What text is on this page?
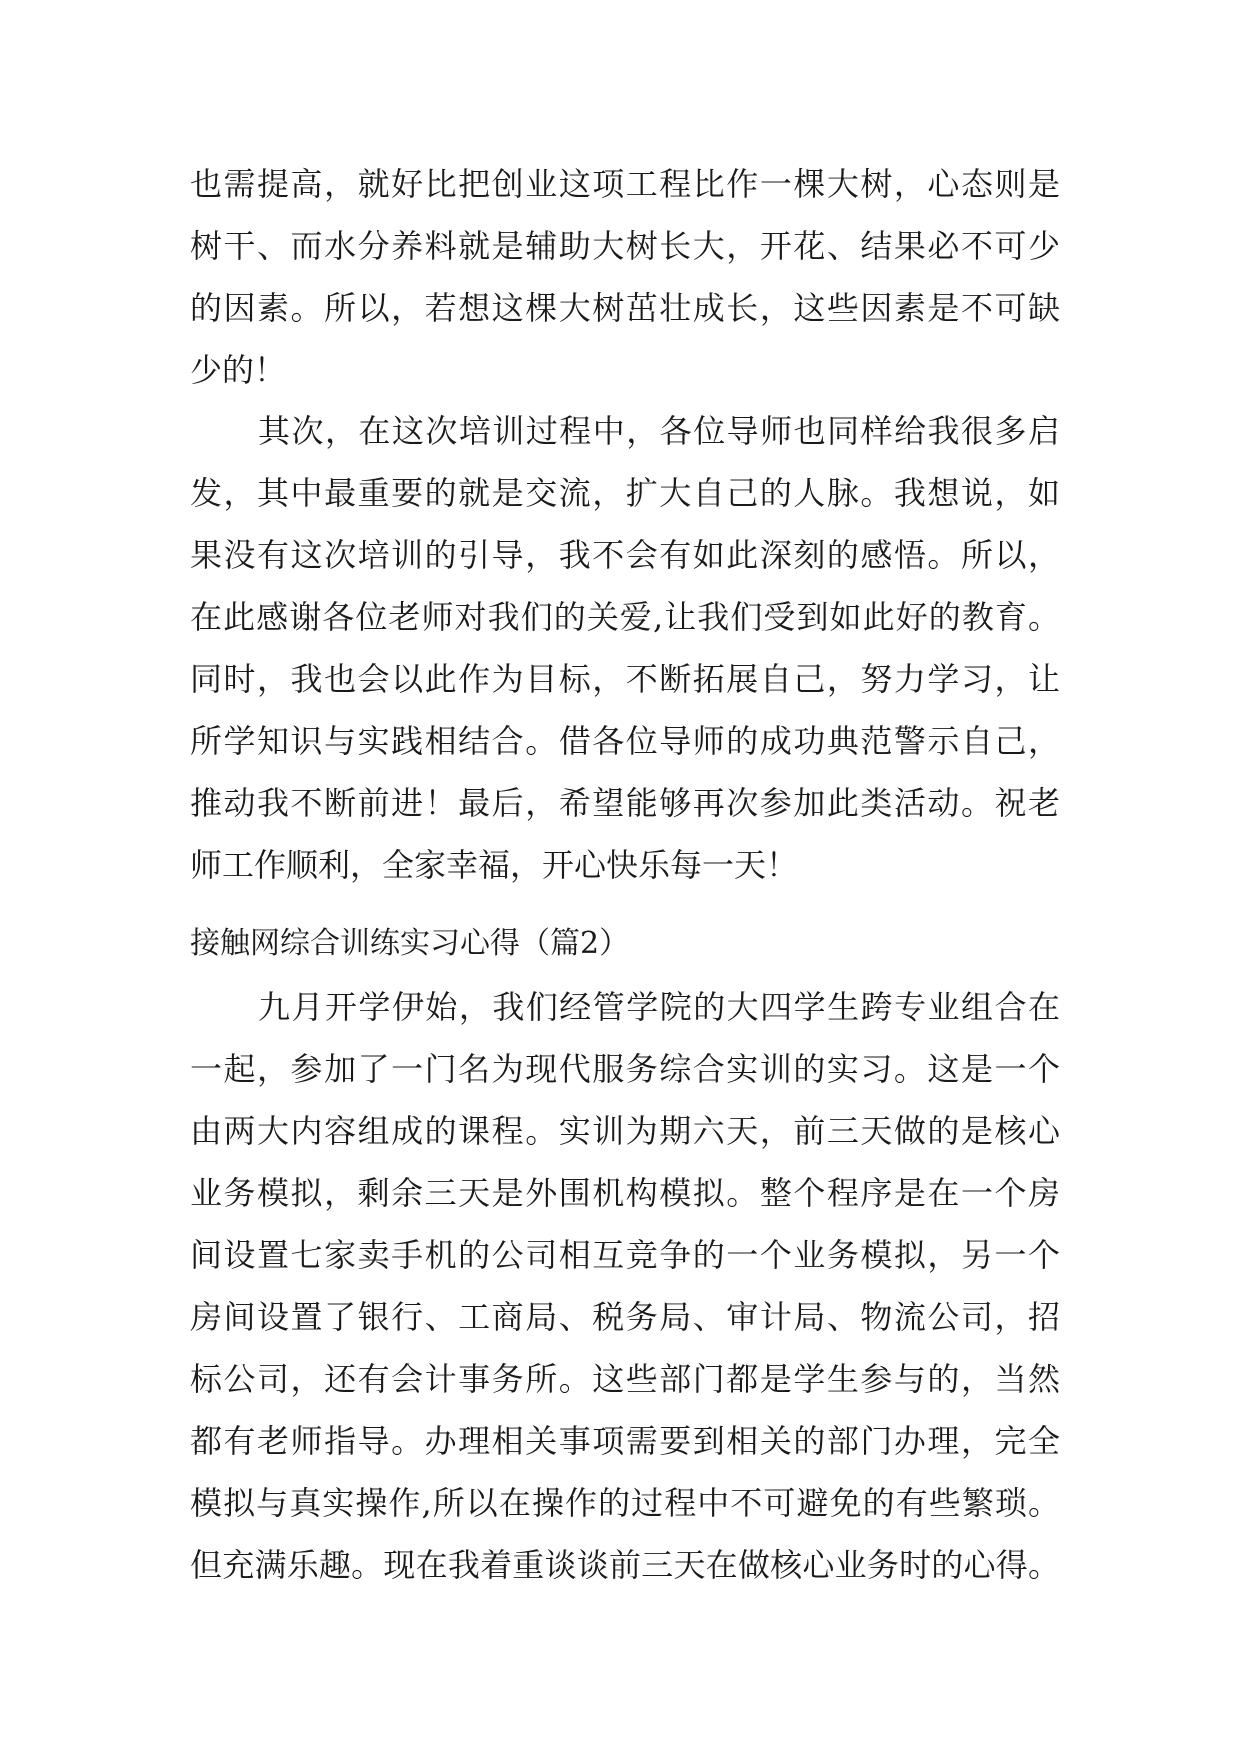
也需提高，就好比把创业这项工程比作一棵大树，心态则是
树干、而水分养料就是辅助大树长大，开花、结果必不可少
的因素。所以，若想这棵大树茁壮成长，这些因素是不可缺
少的！
其次，在这次培训过程中，各位导师也同样给我很多启
发，其中最重要的就是交流，扩大自己的人脉。我想说，如
果没有这次培训的引导，我不会有如此深刻的感悟。所以，
在此感谢各位老师对我们的关爱,让我们受到如此好的教育。
同时，我也会以此作为目标，不断拓展自己，努力学习，让
所学知识与实践相结合。借各位导师的成功典范警示自己，
推动我不断前进！最后，希望能够再次参加此类活动。祝老
师工作顺利，全家幸福，开心快乐每一天！
接触网综合训练实习心得（篇2）
九月开学伊始，我们经管学院的大四学生跨专业组合在
一起，参加了一门名为现代服务综合实训的实习。这是一个
由两大内容组成的课程。实训为期六天，前三天做的是核心
业务模拟，剩余三天是外围机构模拟。整个程序是在一个房
间设置七家卖手机的公司相互竞争的一个业务模拟，另一个
房间设置了银行、工商局、税务局、审计局、物流公司，招
标公司，还有会计事务所。这些部门都是学生参与的，当然
都有老师指导。办理相关事项需要到相关的部门办理，完全
模拟与真实操作,所以在操作的过程中不可避免的有些繁琐。
但充满乐趣。现在我着重谈谈前三天在做核心业务时的心得。
